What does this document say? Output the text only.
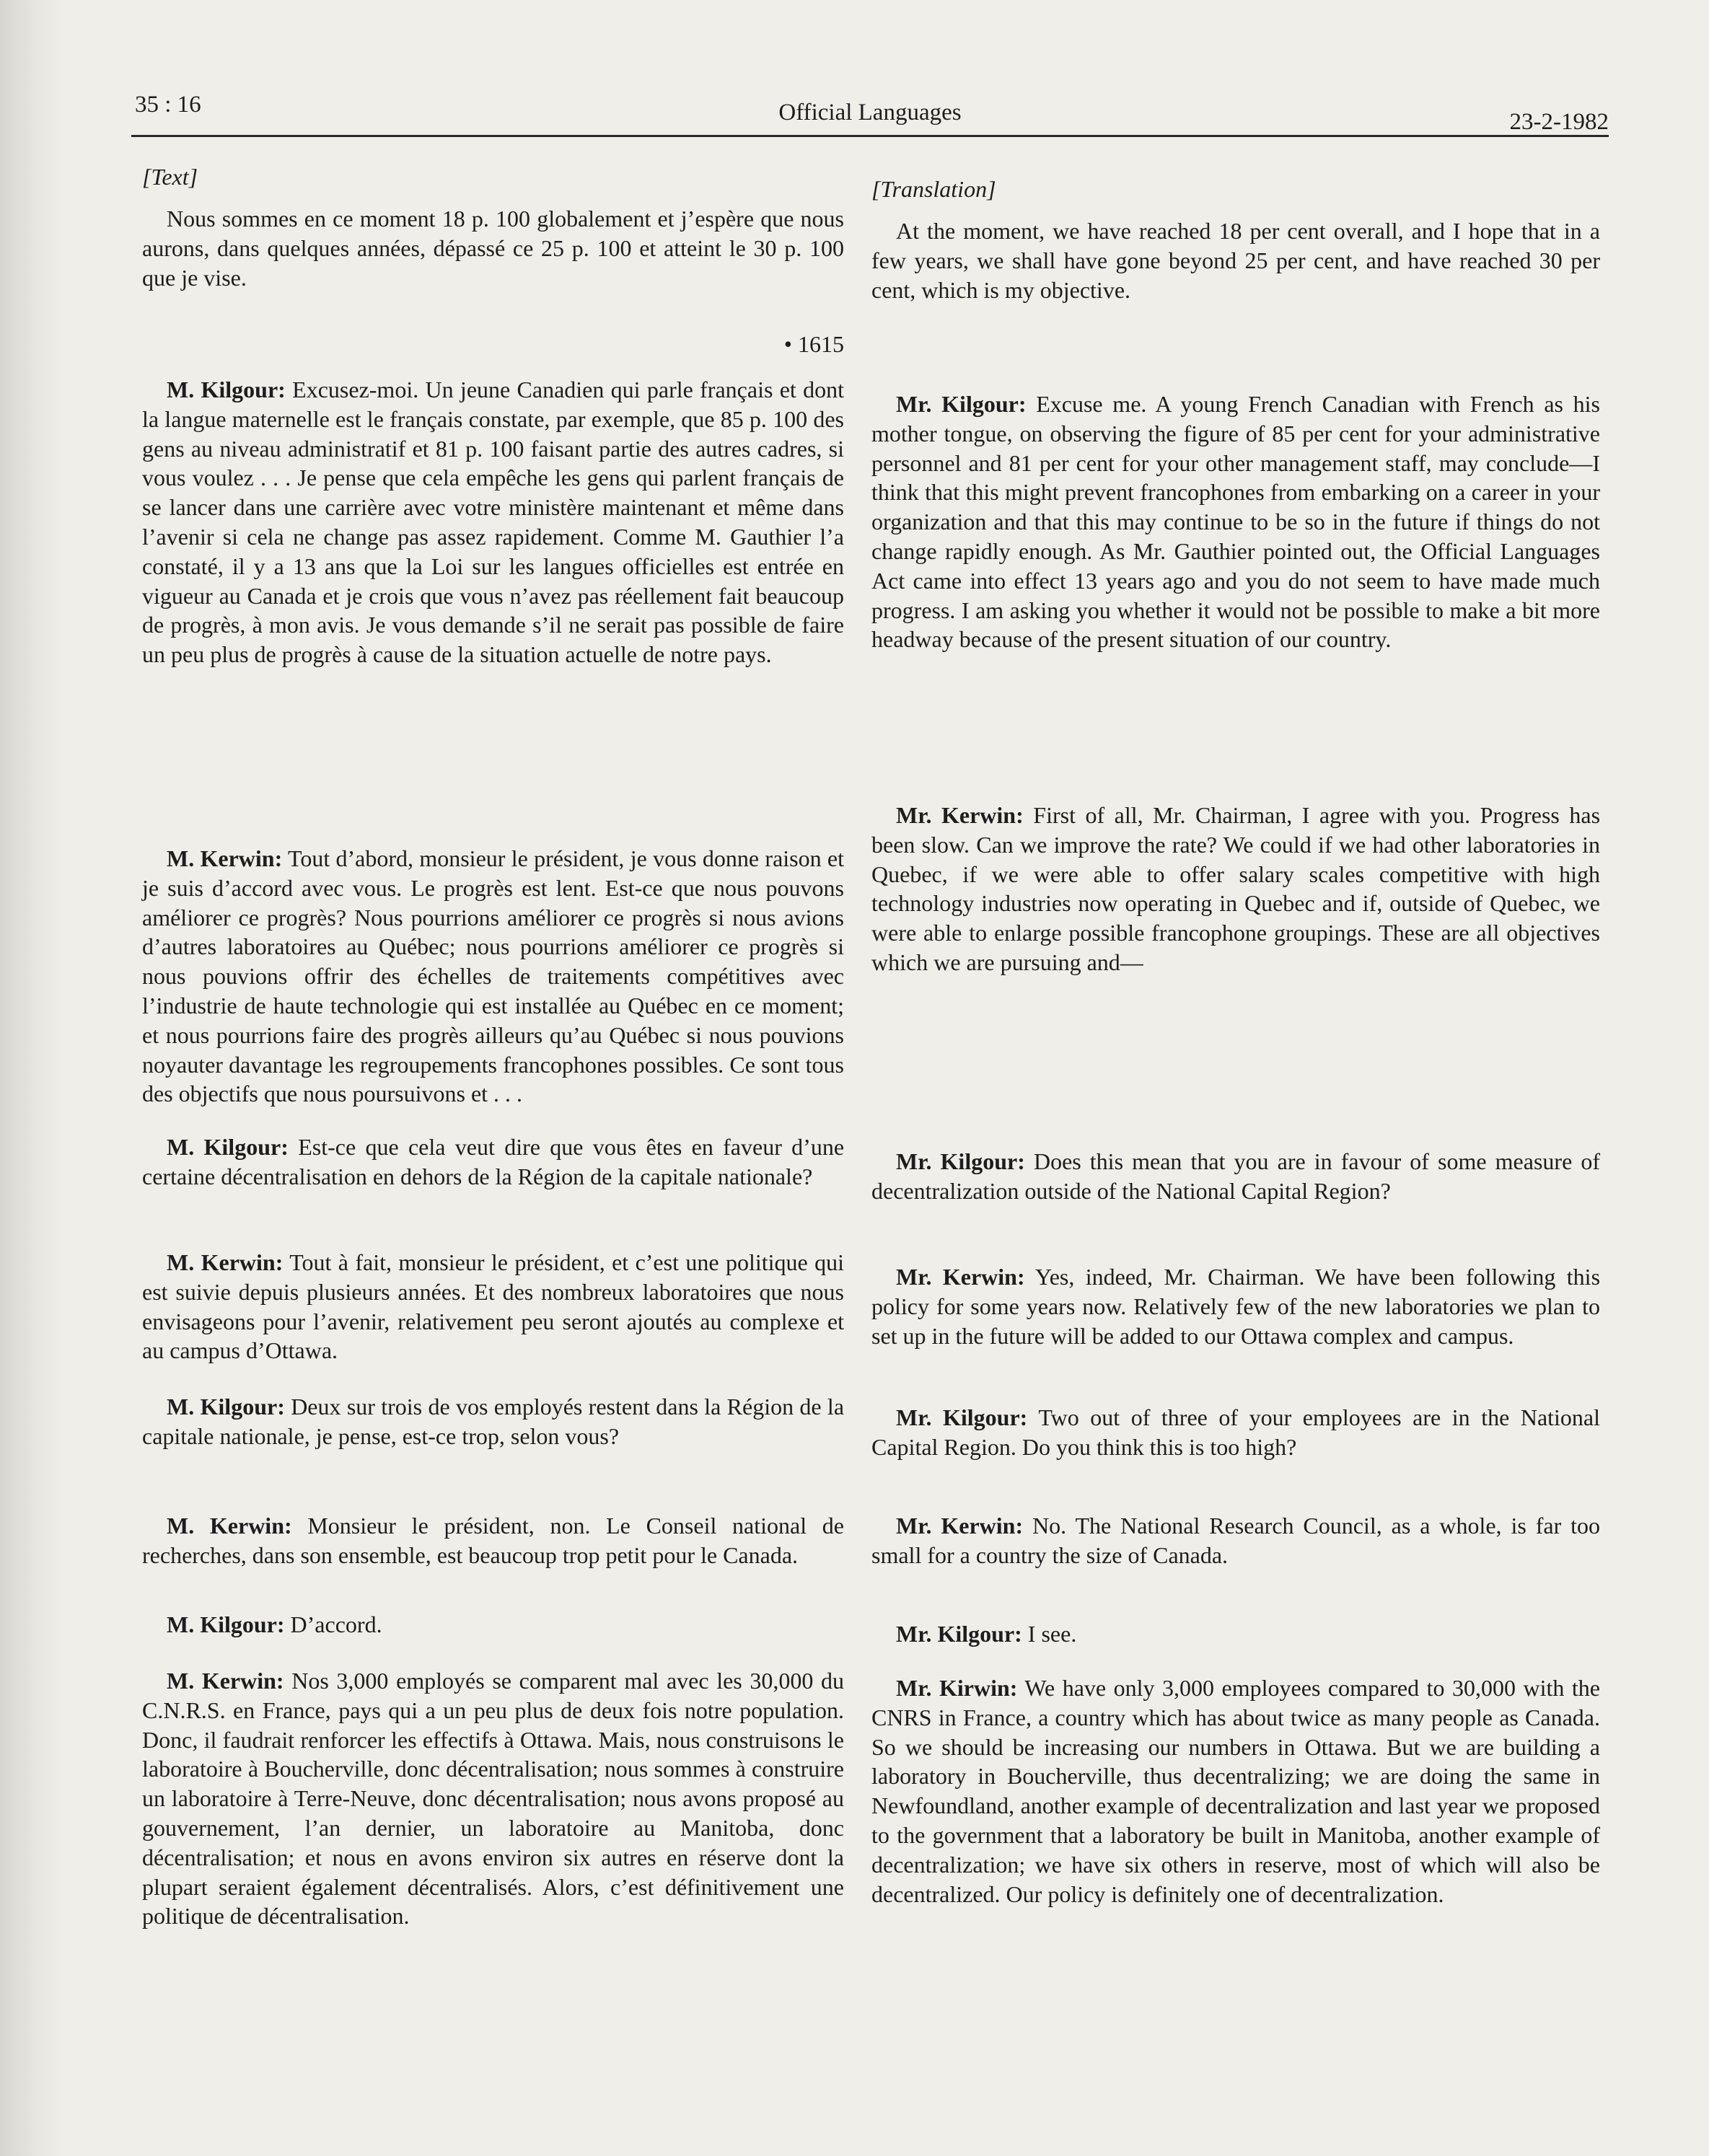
35 : 16	Official Languages	23-2-1982

[Text]

Nous sommes en ce moment 18 p. 100 globalement et j’espère que nous aurons, dans quelques années, dépassé ce 25 p. 100 et atteint le 30 p. 100 que je vise.

• 1615

M. Kilgour: Excusez-moi. Un jeune Canadien qui parle français et dont la langue maternelle est le français constate, par exemple, que 85 p. 100 des gens au niveau administratif et 81 p. 100 faisant partie des autres cadres, si vous voulez . . . Je pense que cela empêche les gens qui parlent français de se lancer dans une carrière avec votre ministère maintenant et même dans l’avenir si cela ne change pas assez rapidement. Comme M. Gauthier l’a constaté, il y a 13 ans que la Loi sur les langues officielles est entrée en vigueur au Canada et je crois que vous n’avez pas réellement fait beaucoup de progrès, à mon avis. Je vous demande s’il ne serait pas possible de faire un peu plus de progrès à cause de la situation actuelle de notre pays.

M. Kerwin: Tout d’abord, monsieur le président, je vous donne raison et je suis d’accord avec vous. Le progrès est lent. Est-ce que nous pouvons améliorer ce progrès? Nous pourrions améliorer ce progrès si nous avions d’autres laboratoires au Québec; nous pourrions améliorer ce progrès si nous pouvions offrir des échelles de traitements compétitives avec l’industrie de haute technologie qui est installée au Québec en ce moment; et nous pourrions faire des progrès ailleurs qu’au Québec si nous pouvions noyauter davantage les regroupements francophones possibles. Ce sont tous des objectifs que nous poursuivons et . . .

M. Kilgour: Est-ce que cela veut dire que vous êtes en faveur d’une certaine décentralisation en dehors de la Région de la capitale nationale?

M. Kerwin: Tout à fait, monsieur le président, et c’est une politique qui est suivie depuis plusieurs années. Et des nombreux laboratoires que nous envisageons pour l’avenir, relativement peu seront ajoutés au complexe et au campus d’Ottawa.

M. Kilgour: Deux sur trois de vos employés restent dans la Région de la capitale nationale, je pense, est-ce trop, selon vous?

M. Kerwin: Monsieur le président, non. Le Conseil national de recherches, dans son ensemble, est beaucoup trop petit pour le Canada.

M. Kilgour: D’accord.

M. Kerwin: Nos 3,000 employés se comparent mal avec les 30,000 du C.N.R.S. en France, pays qui a un peu plus de deux fois notre population. Donc, il faudrait renforcer les effectifs à Ottawa. Mais, nous construisons le laboratoire à Boucherville, donc décentralisation; nous sommes à construire un laboratoire à Terre-Neuve, donc décentralisation; nous avons proposé au gouvernement, l’an dernier, un laboratoire au Manitoba, donc décentralisation; et nous en avons environ six autres en réserve dont la plupart seraient également décentralisés. Alors, c’est définitivement une politique de décentralisation.

[Translation]

At the moment, we have reached 18 per cent overall, and I hope that in a few years, we shall have gone beyond 25 per cent, and have reached 30 per cent, which is my objective.

Mr. Kilgour: Excuse me. A young French Canadian with French as his mother tongue, on observing the figure of 85 per cent for your administrative personnel and 81 per cent for your other management staff, may conclude—I think that this might prevent francophones from embarking on a career in your organization and that this may continue to be so in the future if things do not change rapidly enough. As Mr. Gauthier pointed out, the Official Languages Act came into effect 13 years ago and you do not seem to have made much progress. I am asking you whether it would not be possible to make a bit more headway because of the present situation of our country.

Mr. Kerwin: First of all, Mr. Chairman, I agree with you. Progress has been slow. Can we improve the rate? We could if we had other laboratories in Quebec, if we were able to offer salary scales competitive with high technology industries now operating in Quebec and if, outside of Quebec, we were able to enlarge possible francophone groupings. These are all objectives which we are pursuing and—

Mr. Kilgour: Does this mean that you are in favour of some measure of decentralization outside of the National Capital Region?

Mr. Kerwin: Yes, indeed, Mr. Chairman. We have been following this policy for some years now. Relatively few of the new laboratories we plan to set up in the future will be added to our Ottawa complex and campus.

Mr. Kilgour: Two out of three of your employees are in the National Capital Region. Do you think this is too high?

Mr. Kerwin: No. The National Research Council, as a whole, is far too small for a country the size of Canada.

Mr. Kilgour: I see.

Mr. Kirwin: We have only 3,000 employees compared to 30,000 with the CNRS in France, a country which has about twice as many people as Canada. So we should be increasing our numbers in Ottawa. But we are building a laboratory in Boucherville, thus decentralizing; we are doing the same in Newfoundland, another example of decentralization and last year we proposed to the government that a laboratory be built in Manitoba, another example of decentralization; we have six others in reserve, most of which will also be decentralized. Our policy is definitely one of decentralization.
